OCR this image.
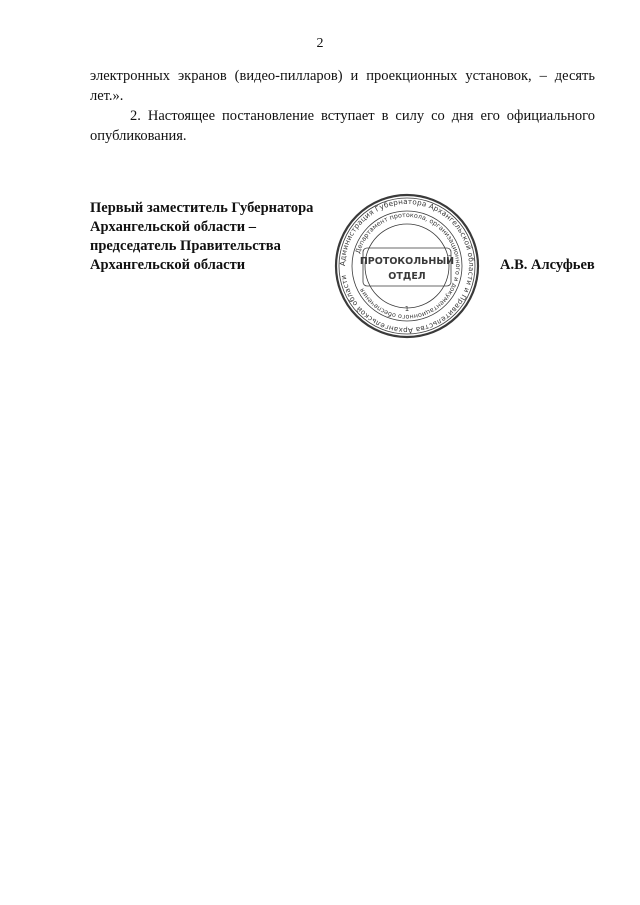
2

электронных экранов (видео-пилларов) и проекционных установок, – десять лет.».

2. Настоящее постановление вступает в силу со дня его официального опубликования.

Первый заместитель Губернатора
Архангельской области –
председатель Правительства
Архангельской области	А.В. Алсуфьев
Администрация Губернатора Архангельской области и Правительства Архангельской области
Департамент протокола, организационного и документационного обеспечения
ПРОТОКОЛЬНЫЙ
ОТДЕЛ
1
